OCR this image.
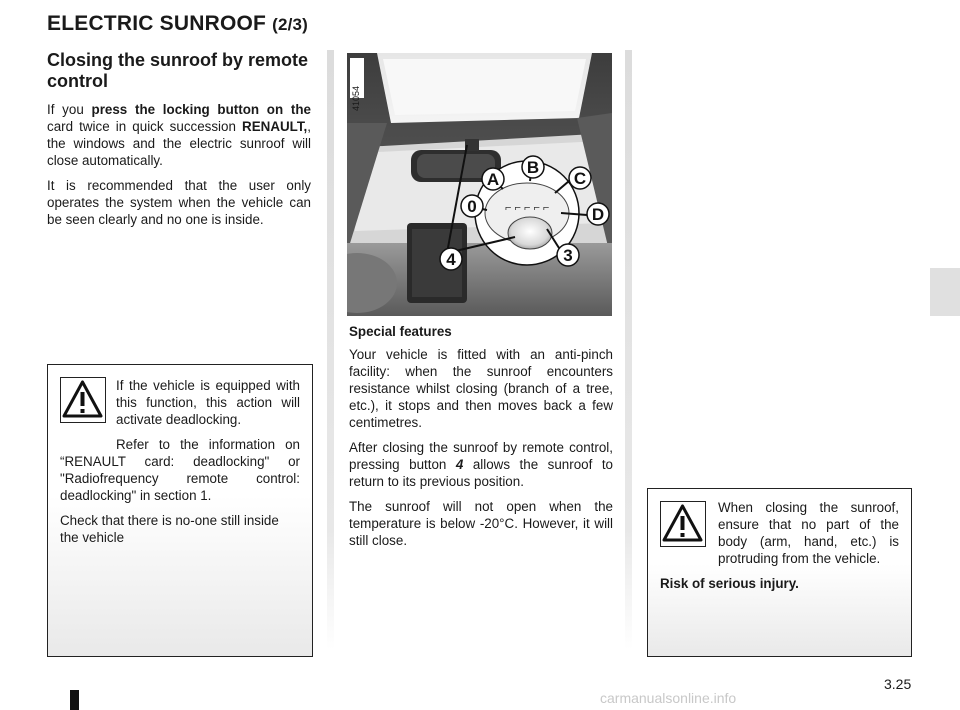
ELECTRIC SUNROOF (2/3)
Closing the sunroof by remote control

If you press the locking button on the card twice in quick succession RENAULT,, the windows and the electric sunroof will close automatically.

It is recommended that the user only operates the system when the vehicle can be seen clearly and no one is inside.

If the vehicle is equipped with this function, this action will activate deadlocking.

Refer to the information on “RENAULT card: deadlocking" or "Radiofrequency remote control: deadlocking" in section 1.

Check that there is no-one still inside the vehicle

⌐ ⌐ ⌐ ⌐ ⌐
A
B
C
D
0
3
4
41054
Special features

Your vehicle is fitted with an anti-pinch facility: when the sunroof encounters resistance whilst closing (branch of a tree, etc.), it stops and then moves back a few centimetres.

After closing the sunroof by remote control, pressing button 4 allows the sunroof to return to its previous position.

The sunroof will not open when the temperature is below -20°C. However, it will still close.

When closing the sunroof, ensure that no part of the body (arm, hand, etc.) is protruding from the vehicle.

Risk of serious injury.

3.25
carmanualsonline.info
